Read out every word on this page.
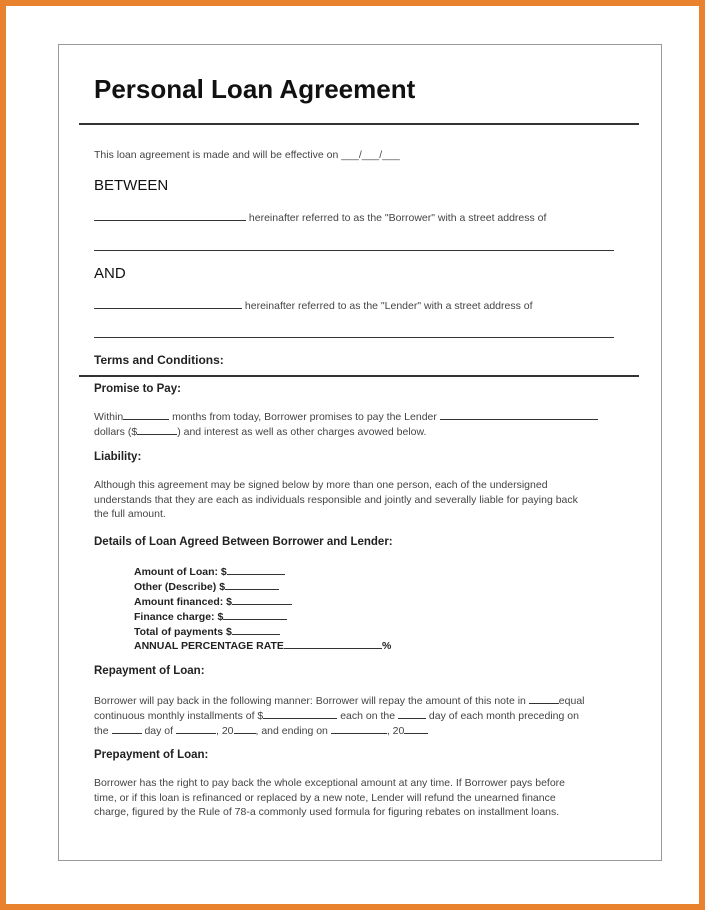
Personal Loan Agreement
This loan agreement is made and will be effective on ___/___/___
BETWEEN
hereinafter referred to as the "Borrower" with a street address of
AND
hereinafter referred to as the "Lender" with a street address of
Terms and Conditions:
Promise to Pay:
Within	months from today, Borrower promises to pay the Lender
dollars ($	) and interest as well as other charges avowed below.
Liability:
Although this agreement may be signed below by more than one person, each of the undersigned
understands that they are each as individuals responsible and jointly and severally liable for paying back
the full amount.
Details of Loan Agreed Between Borrower and Lender:
Amount of Loan: $
Other (Describe) $
Amount financed: $
Finance charge: $
Total of payments $
ANNUAL PERCENTAGE RATE	%
Repayment of Loan:
Borrower will pay back in the following manner: Borrower will repay the amount of this note in	equal
continuous monthly installments of $	each on the	day of each month preceding on
the	day of	, 20 , and ending on	, 20
Prepayment of Loan:
Borrower has the right to pay back the whole exceptional amount at any time. If Borrower pays before
time, or if this loan is refinanced or replaced by a new note, Lender will refund the unearned finance
charge, figured by the Rule of 78-a commonly used formula for figuring rebates on installment loans.
